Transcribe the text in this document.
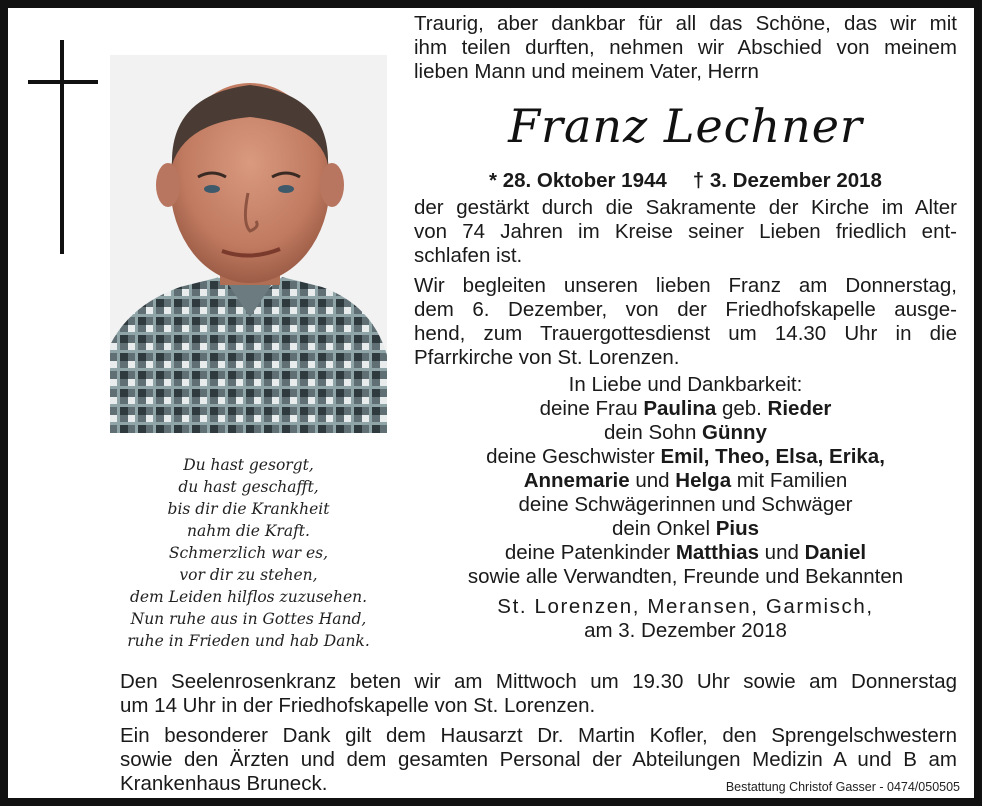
Du hast gesorgt,
du hast geschafft,
bis dir die Krankheit
nahm die Kraft.
Schmerzlich war es,
vor dir zu stehen,
dem Leiden hilflos zuzusehen.
Nun ruhe aus in Gottes Hand,
ruhe in Frieden und hab Dank.
Traurig, aber dankbar für all das Schöne, das wir mit
ihm teilen durften, nehmen wir Abschied von meinem
lieben Mann und meinem Vater, Herrn
Franz Lechner
* 28. Oktober 1944 † 3. Dezember 2018
der gestärkt durch die Sakramente der Kirche im Alter
von 74 Jahren im Kreise seiner Lieben friedlich ent-
schlafen ist.
Wir begleiten unseren lieben Franz am Donnerstag,
dem 6. Dezember, von der Friedhofskapelle ausge-
hend, zum Trauergottesdienst um 14.30 Uhr in die
Pfarrkirche von St. Lorenzen.
In Liebe und Dankbarkeit:
deine Frau Paulina geb. Rieder
dein Sohn Günny
deine Geschwister Emil, Theo, Elsa, Erika,
Annemarie und Helga mit Familien
deine Schwägerinnen und Schwäger
dein Onkel Pius
deine Patenkinder Matthias und Daniel
sowie alle Verwandten, Freunde und Bekannten
St. Lorenzen, Meransen, Garmisch,
am 3. Dezember 2018
Den Seelenrosenkranz beten wir am Mittwoch um 19.30 Uhr sowie am Donnerstag
um 14 Uhr in der Friedhofskapelle von St. Lorenzen.
Ein besonderer Dank gilt dem Hausarzt Dr. Martin Kofler, den Sprengelschwestern
sowie den Ärzten und dem gesamten Personal der Abteilungen Medizin A und B am
Krankenhaus Bruneck.	Bestattung Christof Gasser - 0474/050505
